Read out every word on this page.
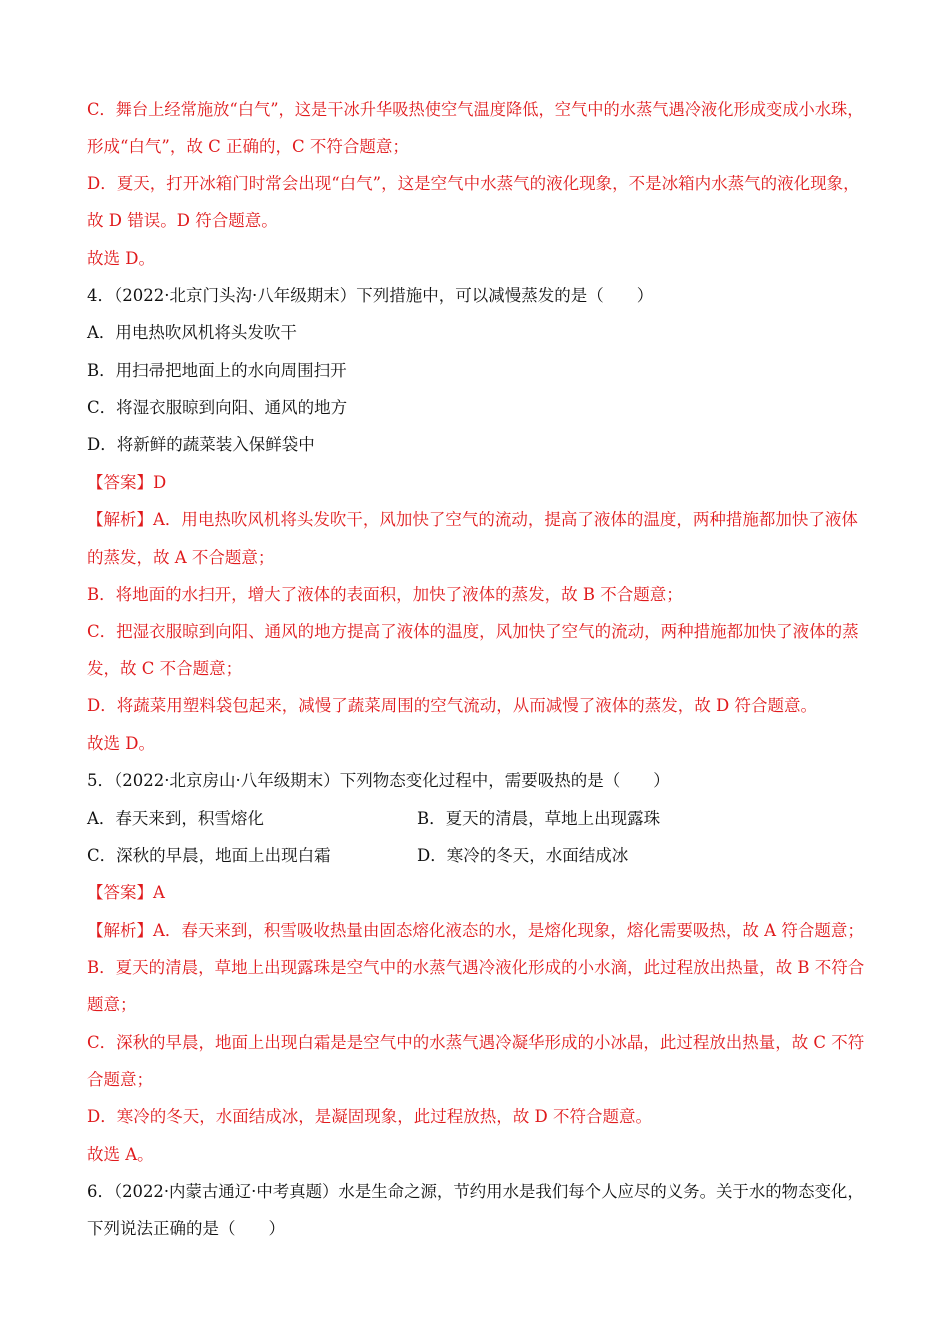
C．舞台上经常施放“白气”，这是干冰升华吸热使空气温度降低，空气中的水蒸气遇冷液化形成变成小水珠，
形成“白气”，故 C 正确的，C 不符合题意；
D．夏天，打开冰箱门时常会出现“白气”，这是空气中水蒸气的液化现象，不是冰箱内水蒸气的液化现象，
故 D 错误。D 符合题意。
故选 D。
4．（2022·北京门头沟·八年级期末）下列措施中，可以减慢蒸发的是（　　）
A．用电热吹风机将头发吹干
B．用扫帚把地面上的水向周围扫开
C．将湿衣服晾到向阳、通风的地方
D．将新鲜的蔬菜装入保鲜袋中
【答案】D
【解析】A．用电热吹风机将头发吹干，风加快了空气的流动，提高了液体的温度，两种措施都加快了液体
的蒸发，故 A 不合题意；
B．将地面的水扫开，增大了液体的表面积，加快了液体的蒸发，故 B 不合题意；
C．把湿衣服晾到向阳、通风的地方提高了液体的温度，风加快了空气的流动，两种措施都加快了液体的蒸
发，故 C 不合题意；
D．将蔬菜用塑料袋包起来，减慢了蔬菜周围的空气流动，从而减慢了液体的蒸发，故 D 符合题意。
故选 D。
5．（2022·北京房山·八年级期末）下列物态变化过程中，需要吸热的是（　　）
A．春天来到，积雪熔化	B．夏天的清晨，草地上出现露珠
C．深秋的早晨，地面上出现白霜	D．寒冷的冬天，水面结成冰
【答案】A
【解析】A．春天来到，积雪吸收热量由固态熔化液态的水，是熔化现象，熔化需要吸热，故 A 符合题意；
B．夏天的清晨，草地上出现露珠是空气中的水蒸气遇冷液化形成的小水滴，此过程放出热量，故 B 不符合
题意；
C．深秋的早晨，地面上出现白霜是是空气中的水蒸气遇冷凝华形成的小冰晶，此过程放出热量，故 C 不符
合题意；
D．寒冷的冬天，水面结成冰，是凝固现象，此过程放热，故 D 不符合题意。
故选 A。
6．（2022·内蒙古通辽·中考真题）水是生命之源，节约用水是我们每个人应尽的义务。关于水的物态变化，
下列说法正确的是（　　）
